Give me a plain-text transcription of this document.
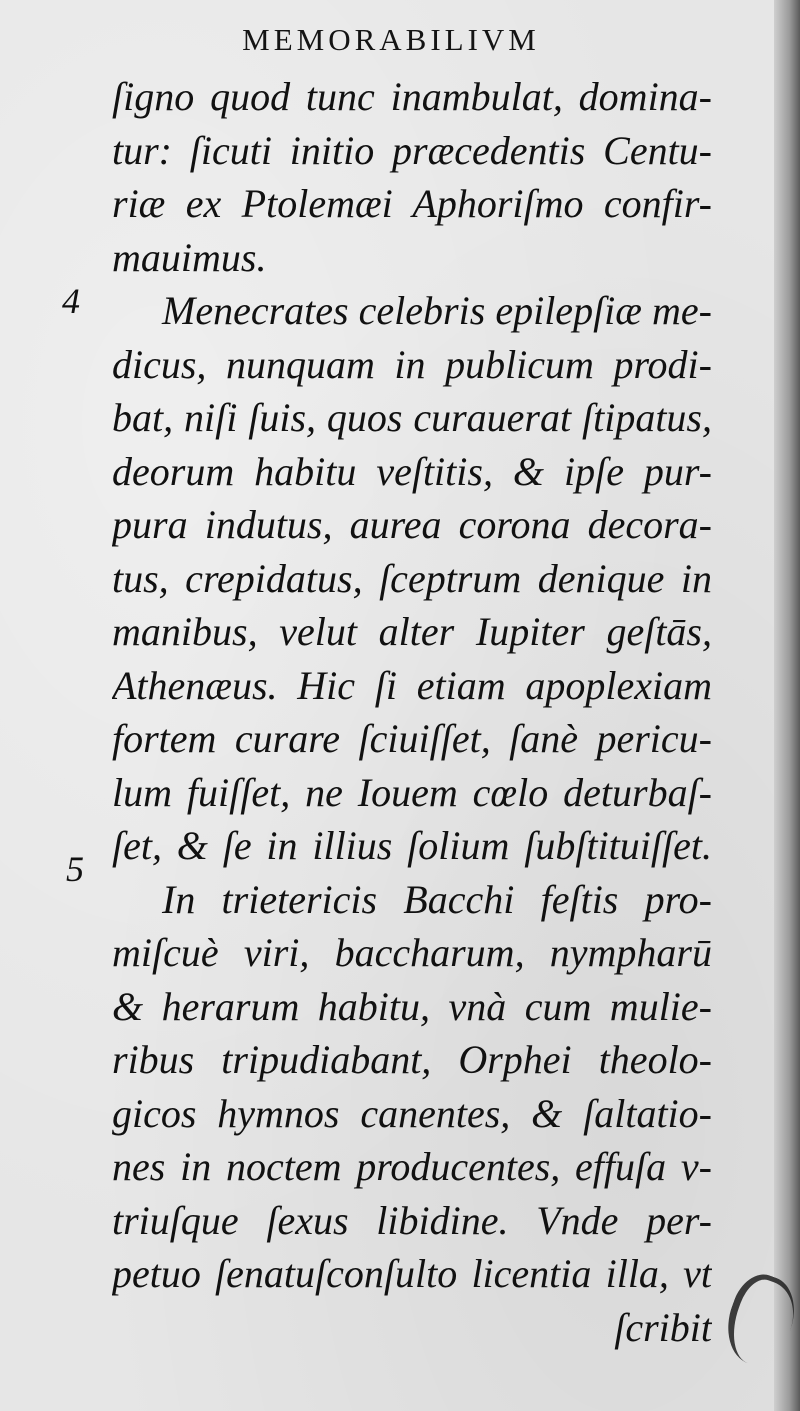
MEMORABILIVM
4
5
ſigno quod tunc inambulat, domina-
tur: ſicuti initio præcedentis Centu-
riæ ex Ptolemæi Aphoriſmo confir-
mauimus.
Menecrates celebris epilepſiæ me-
dicus, nunquam in publicum prodi-
bat, niſi ſuis, quos curauerat ſtipatus,
deorum habitu veſtitis, & ipſe pur-
pura indutus, aurea corona decora-
tus, crepidatus, ſceptrum denique in
manibus, velut alter Iupiter geſtās,
Athenæus. Hic ſi etiam apoplexiam
fortem curare ſciuiſſet, ſanè pericu-
lum fuiſſet, ne Iouem cœlo deturbaſ-
ſet, & ſe in illius ſolium ſubſtituiſſet.
In trietericis Bacchi feſtis pro-
miſcuè viri, baccharum, nympharū
& herarum habitu, vnà cum mulie-
ribus tripudiabant, Orphei theolo-
gicos hymnos canentes, & ſaltatio-
nes in noctem producentes, effuſa v-
triuſque ſexus libidine. Vnde per-
petuo ſenatuſconſulto licentia illa, vt
ſcribit
